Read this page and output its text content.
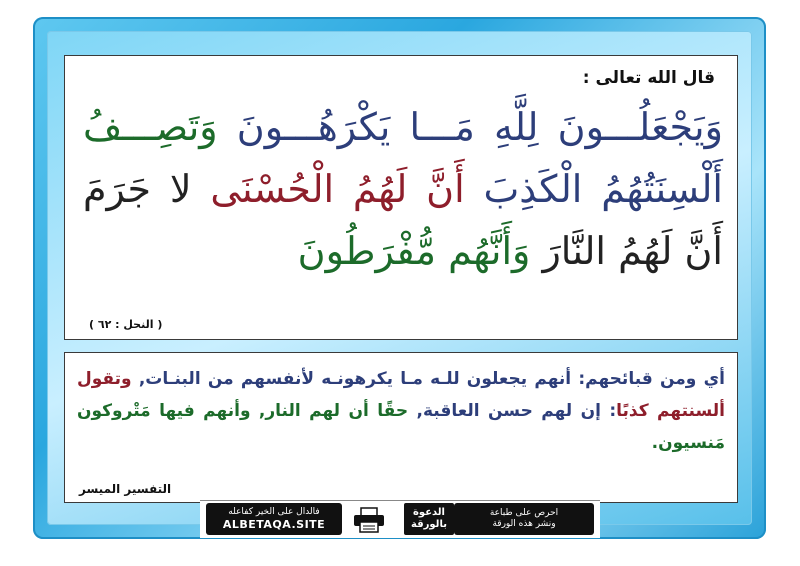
قال الله تعالى :
وَيَجْعَلُـــونَ لِلَّهِ مَـــا يَكْرَهُـــونَ وَتَصِـــفُ أَلْسِنَتُهُمُ الْكَذِبَ أَنَّ لَهُمُ الْحُسْنَى لا جَرَمَ أَنَّ لَهُمُ النَّارَ وَأَنَّهُم مُّفْرَطُونَ
( النحل : ٦٢ )
أي ومن قبائحهم: أنهم يجعلون للـه مـا يكرهونـه لأنفسهم من البنـات, وتقول ألسنتهم كذبًا: إن لهم حسن العاقبة, حقًا أن لهم النار, وأنهم فيها مَتْروكون مَنسيون.
التفسير الميسر
فالدال على الخير كفاعله
ALBETAQA.SITE
الدعوة
بالورقة
احرص على طباعة
ونشر هذه الورقة
